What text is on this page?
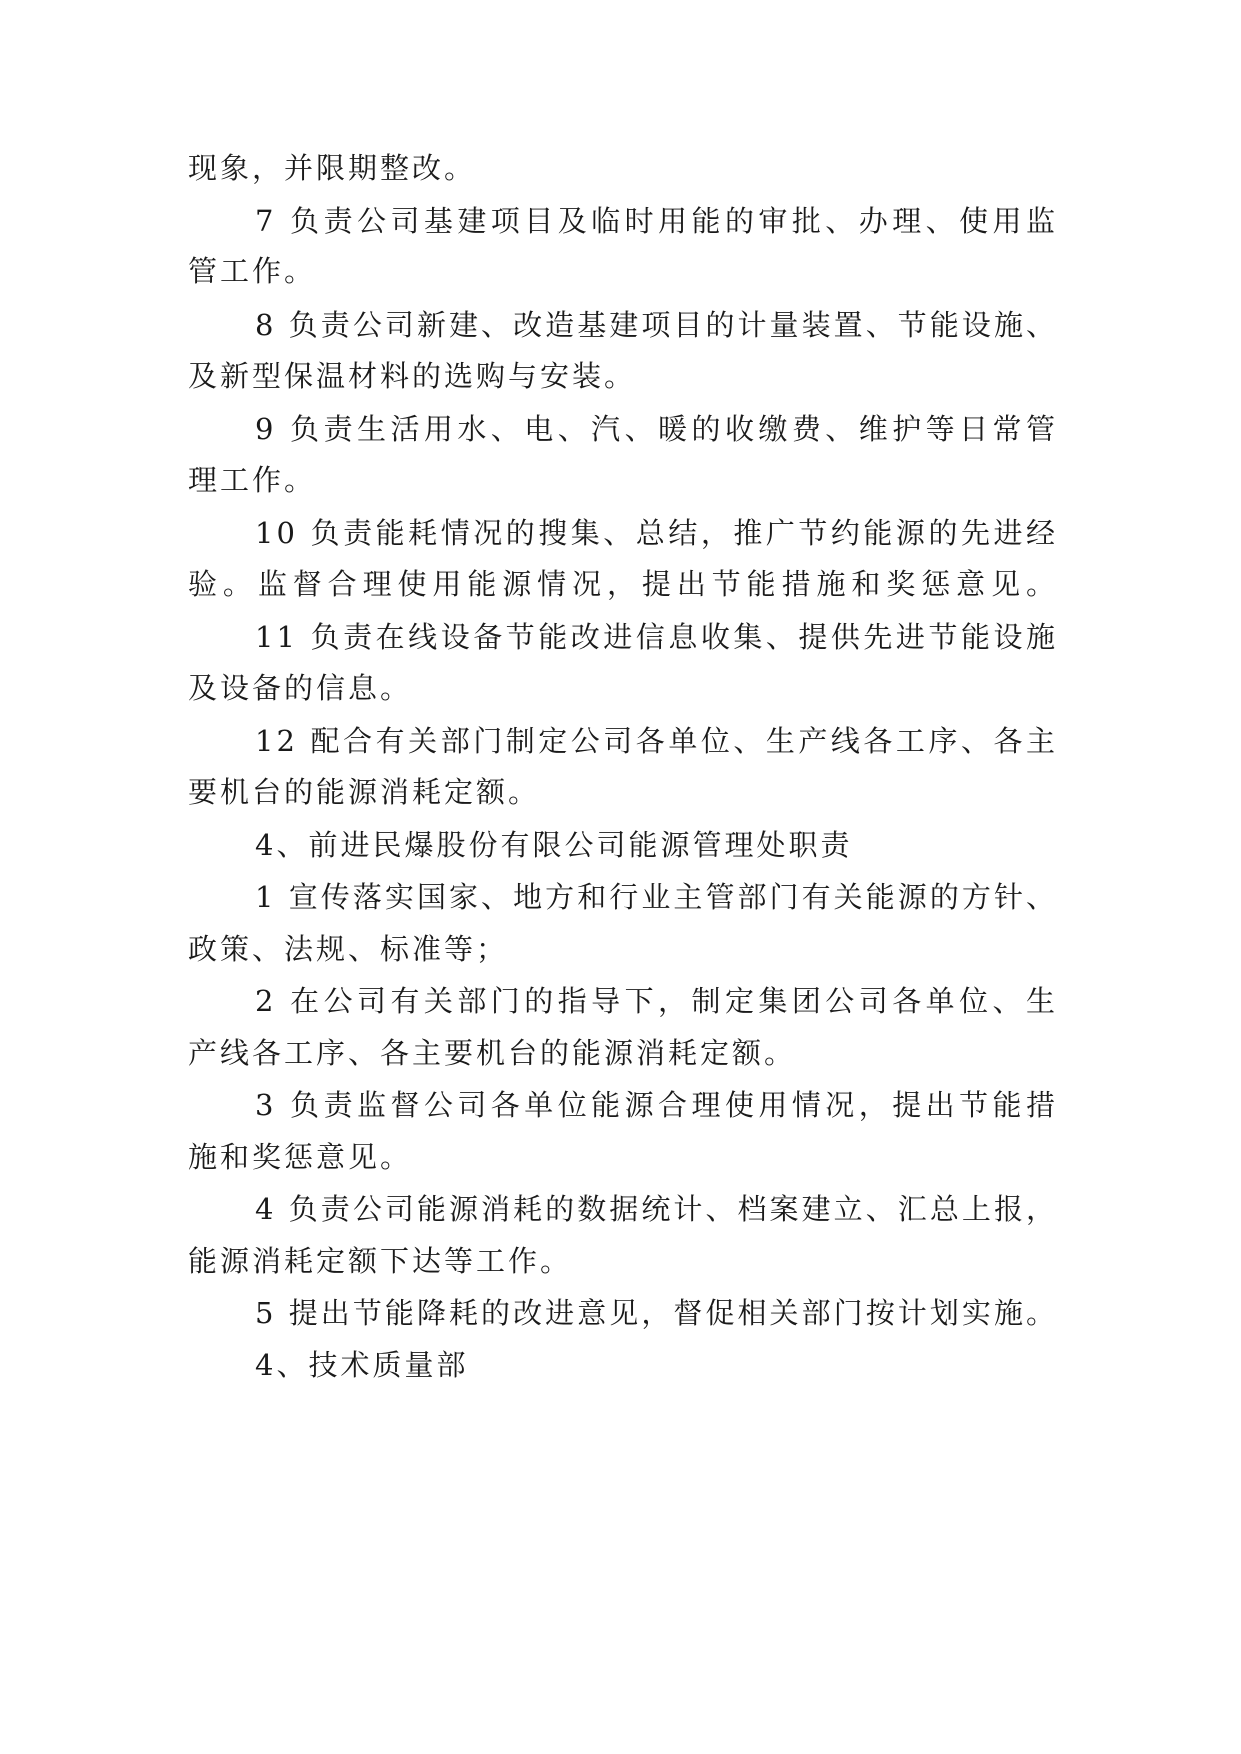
现象，并限期整改。
7 负责公司基建项目及临时用能的审批、办理、使用监
管工作。
8 负责公司新建、改造基建项目的计量装置、节能设施、
及新型保温材料的选购与安装。
9 负责生活用水、电、汽、暖的收缴费、维护等日常管
理工作。
10 负责能耗情况的搜集、总结，推广节约能源的先进经
验。监督合理使用能源情况，提出节能措施和奖惩意见。
11 负责在线设备节能改进信息收集、提供先进节能设施
及设备的信息。
12 配合有关部门制定公司各单位、生产线各工序、各主
要机台的能源消耗定额。
4、前进民爆股份有限公司能源管理处职责
1 宣传落实国家、地方和行业主管部门有关能源的方针、
政策、法规、标准等；
2 在公司有关部门的指导下，制定集团公司各单位、生
产线各工序、各主要机台的能源消耗定额。
3 负责监督公司各单位能源合理使用情况，提出节能措
施和奖惩意见。
4 负责公司能源消耗的数据统计、档案建立、汇总上报，
能源消耗定额下达等工作。
5 提出节能降耗的改进意见，督促相关部门按计划实施。
4、技术质量部
